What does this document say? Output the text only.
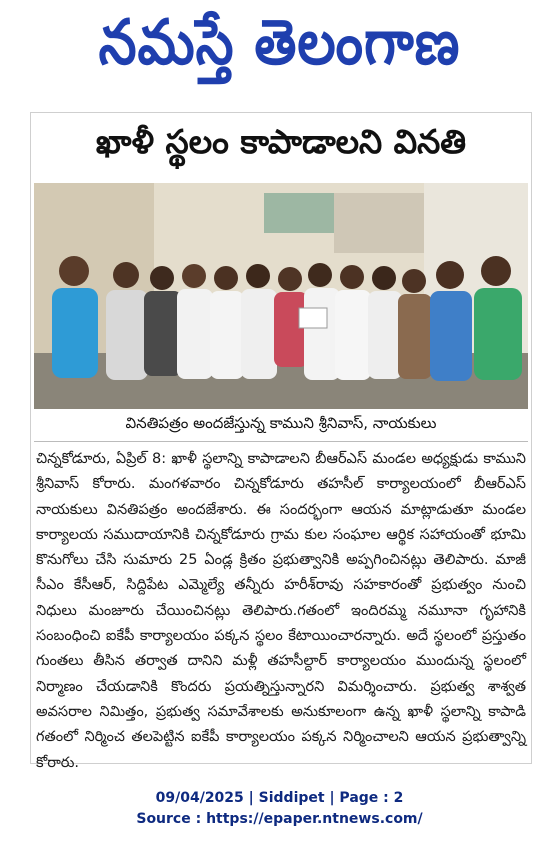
నమస్తే తెలంగాణ
ఖాళీ స్థలం కాపాడాలని వినతి
వినతిపత్రం అందజేస్తున్న కాముని శ్రీనివాస్‌, నాయకులు

చిన్నకోడూరు, ఏప్రిల్‌ 8: ఖాళీ స్థలాన్ని కాపాడాలని బీఆర్‌ఎస్‌ మండల అధ్యక్షుడు కాముని శ్రీనివాస్‌ కోరారు. మంగళవారం చిన్నకోడూరు తహసీల్‌ కార్యాలయంలో బీఆర్‌ఎస్‌ నాయకులు వినతిపత్రం అందజేశారు. ఈ సందర్భంగా ఆయన మాట్లాడుతూ మండల కార్యాలయ సముదాయానికి చిన్నకోడూరు గ్రామ కుల సంఘాల ఆర్థిక సహాయంతో భూమి కొనుగోలు చేసి సుమారు 25 ఏండ్ల క్రితం ప్రభుత్వానికి అప్పగించినట్లు తెలిపారు. మాజీ సీఎం కేసీఆర్‌, సిద్దిపేట ఎమ్మెల్యే తన్నీరు హరీశ్‌రావు సహకారంతో ప్రభుత్వం నుంచి నిధులు మంజూరు చేయించినట్లు తెలిపారు.గతంలో ఇందిరమ్మ నమూనా గృహానికి సంబంధించి ఐకేపీ కార్యాలయం పక్కన స్థలం కేటాయించారన్నారు. అదే స్థలంలో ప్రస్తుతం గుంతలు తీసిన తర్వాత దానిని మళ్లీ తహసీల్దార్‌ కార్యాలయం ముందున్న స్థలంలో నిర్మాణం చేయడానికి కొందరు ప్రయత్నిస్తున్నారని విమర్శించారు. ప్రభుత్వ శాశ్వత అవసరాల నిమిత్తం, ప్రభుత్వ సమావేశాలకు అనుకూలంగా ఉన్న ఖాళీ స్థలాన్ని కాపాడి గతంలో నిర్మించ తలపెట్టిన ఐకేపీ కార్యాలయం పక్కన నిర్మించాలని ఆయన ప్రభుత్వాన్ని కోరారు.

09/04/2025 | Siddipet | Page : 2
Source : https://epaper.ntnews.com/
